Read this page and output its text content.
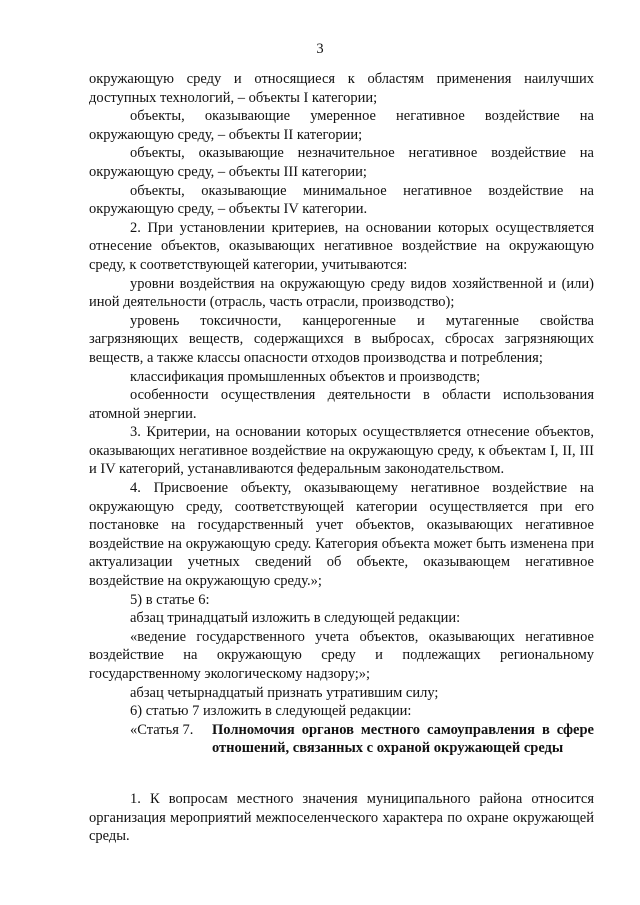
3

окружающую среду и относящиеся к областям применения наилучших доступных технологий, – объекты I категории;

объекты, оказывающие умеренное негативное воздействие на окружающую среду, – объекты II категории;

объекты, оказывающие незначительное негативное воздействие на окружающую среду, – объекты III категории;

объекты, оказывающие минимальное негативное воздействие на окружающую среду, – объекты IV категории.

2. При установлении критериев, на основании которых осуществляется отнесение объектов, оказывающих негативное воздействие на окружающую среду, к соответствующей категории, учитываются:

уровни воздействия на окружающую среду видов хозяйственной и (или) иной деятельности (отрасль, часть отрасли, производство);

уровень токсичности, канцерогенные и мутагенные свойства загрязняющих веществ, содержащихся в выбросах, сбросах загрязняющих веществ, а также классы опасности отходов производства и потребления;

классификация промышленных объектов и производств;

особенности осуществления деятельности в области использования атомной энергии.

3. Критерии, на основании которых осуществляется отнесение объектов, оказывающих негативное воздействие на окружающую среду, к объектам I, II, III и IV категорий, устанавливаются федеральным законодательством.

4. Присвоение объекту, оказывающему негативное воздействие на окружающую среду, соответствующей категории осуществляется при его постановке на государственный учет объектов, оказывающих негативное воздействие на окружающую среду. Категория объекта может быть изменена при актуализации учетных сведений об объекте, оказывающем негативное воздействие на окружающую среду.»;

5) в статье 6:

абзац тринадцатый изложить в следующей редакции:

«ведение государственного учета объектов, оказывающих негативное воздействие на окружающую среду и подлежащих региональному государственному экологическому надзору;»;

абзац четырнадцатый признать утратившим силу;

6) статью 7 изложить в следующей редакции:

«Статья 7.	Полномочия органов местного самоуправления в сфере отношений, связанных с охраной окружающей среды

1. К вопросам местного значения муниципального района относится организация мероприятий межпоселенческого характера по охране окружающей среды.
